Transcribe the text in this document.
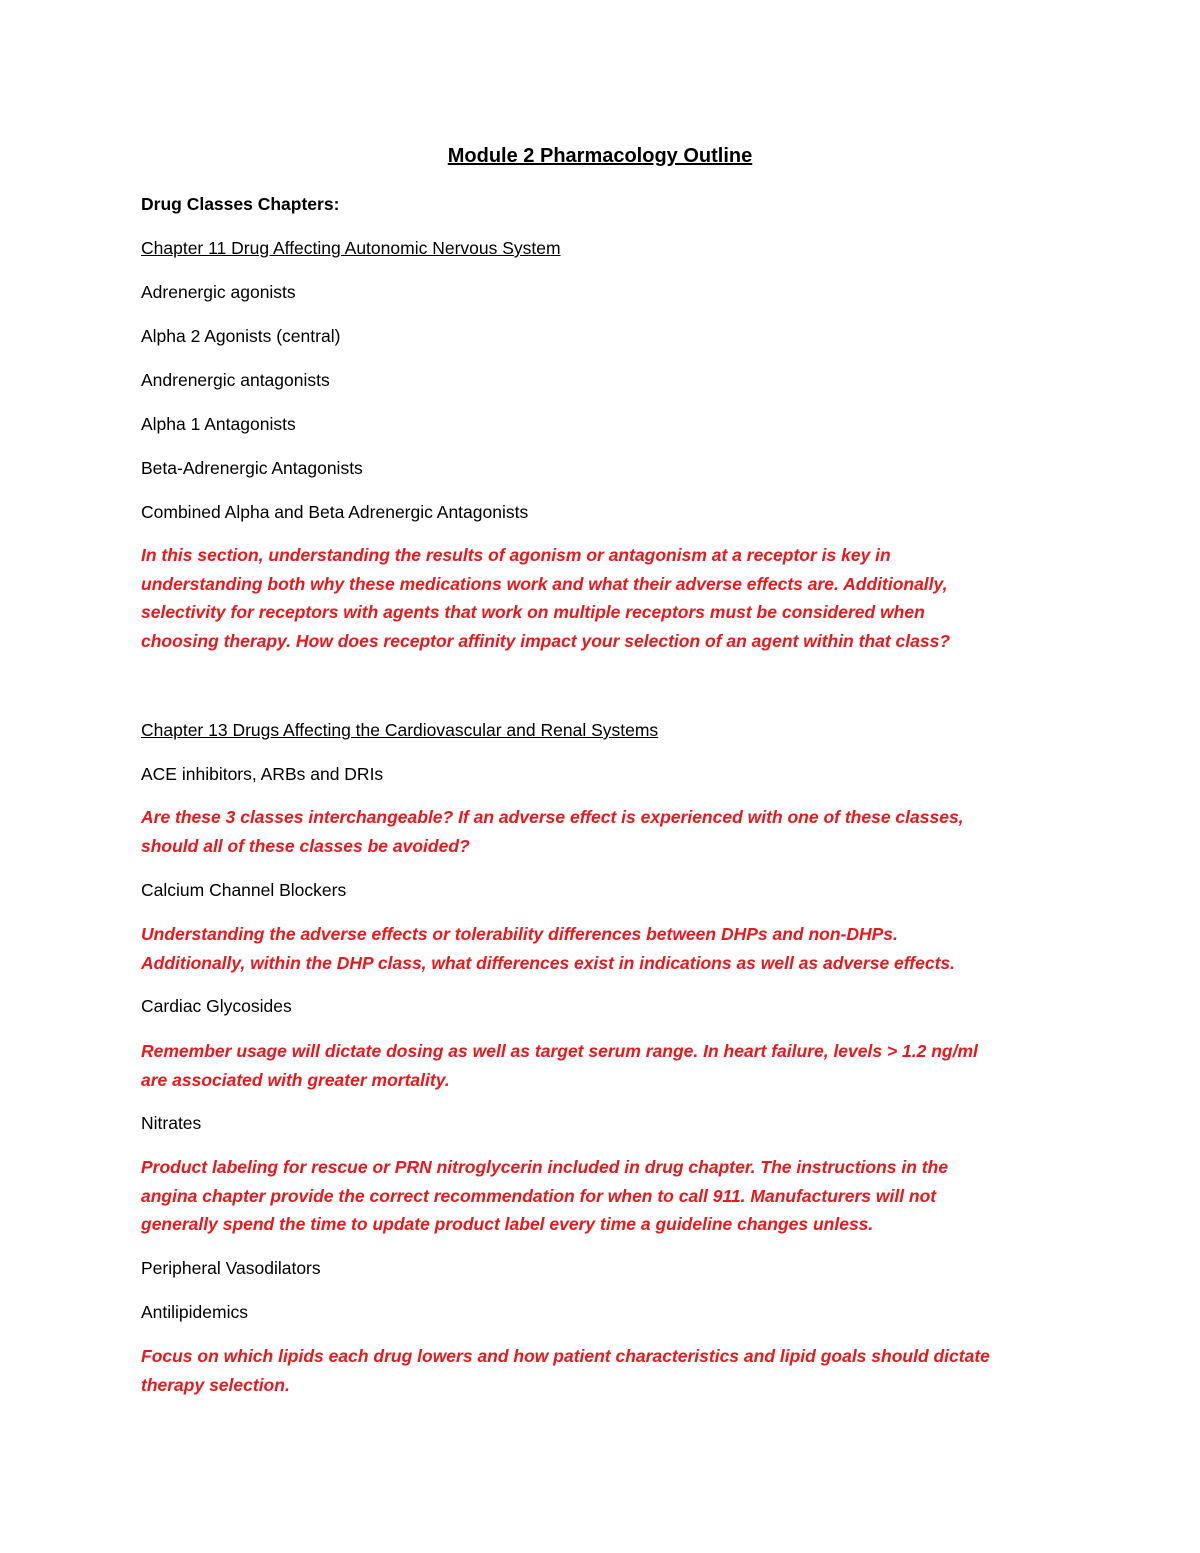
Module 2 Pharmacology Outline

Drug Classes Chapters:

Chapter 11 Drug Affecting Autonomic Nervous System

Adrenergic agonists

Alpha 2 Agonists (central)

Andrenergic antagonists

Alpha 1 Antagonists

Beta-Adrenergic Antagonists

Combined Alpha and Beta Adrenergic Antagonists

In this section, understanding the results of agonism or antagonism at a receptor is key in
understanding both why these medications work and what their adverse effects are. Additionally,
selectivity for receptors with agents that work on multiple receptors must be considered when
choosing therapy. How does receptor affinity impact your selection of an agent within that class?

Chapter 13 Drugs Affecting the Cardiovascular and Renal Systems

ACE inhibitors, ARBs and DRIs

Are these 3 classes interchangeable? If an adverse effect is experienced with one of these classes,
should all of these classes be avoided?

Calcium Channel Blockers

Understanding the adverse effects or tolerability differences between DHPs and non-DHPs.
Additionally, within the DHP class, what differences exist in indications as well as adverse effects.

Cardiac Glycosides

Remember usage will dictate dosing as well as target serum range. In heart failure, levels > 1.2 ng/ml
are associated with greater mortality.

Nitrates

Product labeling for rescue or PRN nitroglycerin included in drug chapter. The instructions in the
angina chapter provide the correct recommendation for when to call 911. Manufacturers will not
generally spend the time to update product label every time a guideline changes unless.

Peripheral Vasodilators

Antilipidemics

Focus on which lipids each drug lowers and how patient characteristics and lipid goals should dictate
therapy selection.
